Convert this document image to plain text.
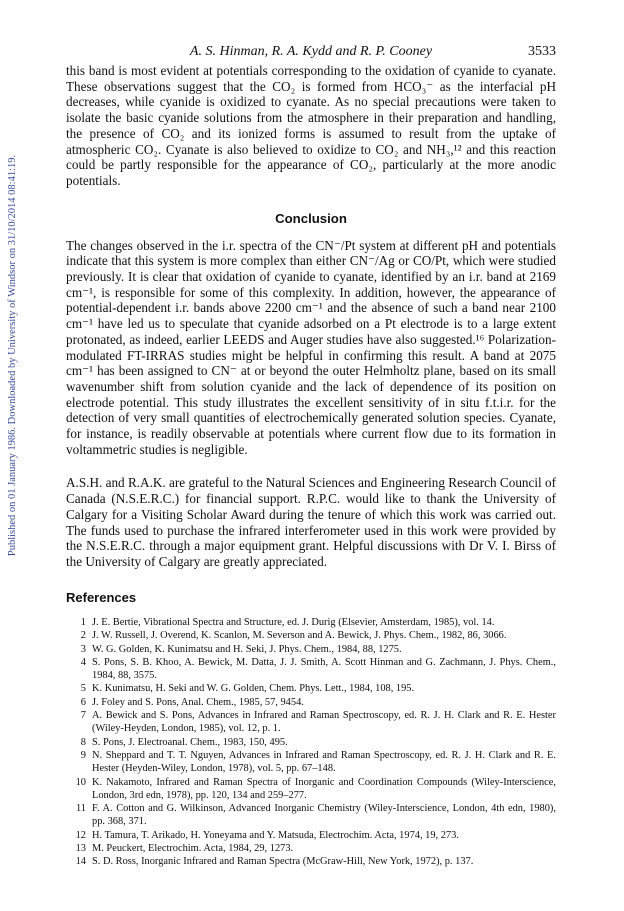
Published on 01 January 1986. Downloaded by University of Windsor on 31/10/2014 08:41:19.
A. S. Hinman, R. A. Kydd and R. P. Cooney	3533

this band is most evident at potentials corresponding to the oxidation of cyanide to cyanate. These observations suggest that the CO₂ is formed from HCO₃⁻ as the interfacial pH decreases, while cyanide is oxidized to cyanate. As no special precautions were taken to isolate the basic cyanide solutions from the atmosphere in their preparation and handling, the presence of CO₂ and its ionized forms is assumed to result from the uptake of atmospheric CO₂. Cyanate is also believed to oxidize to CO₂ and NH₃,¹² and this reaction could be partly responsible for the appearance of CO₂, particularly at the more anodic potentials.

Conclusion

The changes observed in the i.r. spectra of the CN⁻/Pt system at different pH and potentials indicate that this system is more complex than either CN⁻/Ag or CO/Pt, which were studied previously. It is clear that oxidation of cyanide to cyanate, identified by an i.r. band at 2169 cm⁻¹, is responsible for some of this complexity. In addition, however, the appearance of potential-dependent i.r. bands above 2200 cm⁻¹ and the absence of such a band near 2100 cm⁻¹ have led us to speculate that cyanide adsorbed on a Pt electrode is to a large extent protonated, as indeed, earlier LEEDS and Auger studies have also suggested.¹⁶ Polarization-modulated FT-IRRAS studies might be helpful in confirming this result. A band at 2075 cm⁻¹ has been assigned to CN⁻ at or beyond the outer Helmholtz plane, based on its small wavenumber shift from solution cyanide and the lack of dependence of its position on electrode potential. This study illustrates the excellent sensitivity of in situ f.t.i.r. for the detection of very small quantities of electrochemically generated solution species. Cyanate, for instance, is readily observable at potentials where current flow due to its formation in voltammetric studies is negligible.

A.S.H. and R.A.K. are grateful to the Natural Sciences and Engineering Research Council of Canada (N.S.E.R.C.) for financial support. R.P.C. would like to thank the University of Calgary for a Visiting Scholar Award during the tenure of which this work was carried out. The funds used to purchase the infrared interferometer used in this work were provided by the N.S.E.R.C. through a major equipment grant. Helpful discussions with Dr V. I. Birss of the University of Calgary are greatly appreciated.

References
1 J. E. Bertie, Vibrational Spectra and Structure, ed. J. Durig (Elsevier, Amsterdam, 1985), vol. 14.
2 J. W. Russell, J. Overend, K. Scanlon, M. Severson and A. Bewick, J. Phys. Chem., 1982, 86, 3066.
3 W. G. Golden, K. Kunimatsu and H. Seki, J. Phys. Chem., 1984, 88, 1275.
4 S. Pons, S. B. Khoo, A. Bewick, M. Datta, J. J. Smith, A. Scott Hinman and G. Zachmann, J. Phys. Chem., 1984, 88, 3575.
5 K. Kunimatsu, H. Seki and W. G. Golden, Chem. Phys. Lett., 1984, 108, 195.
6 J. Foley and S. Pons, Anal. Chem., 1985, 57, 9454.
7 A. Bewick and S. Pons, Advances in Infrared and Raman Spectroscopy, ed. R. J. H. Clark and R. E. Hester (Wiley-Heyden, London, 1985), vol. 12, p. 1.
8 S. Pons, J. Electroanal. Chem., 1983, 150, 495.
9 N. Sheppard and T. T. Nguyen, Advances in Infrared and Raman Spectroscopy, ed. R. J. H. Clark and R. E. Hester (Heyden-Wiley, London, 1978), vol. 5, pp. 67–148.
10 K. Nakamoto, Infrared and Raman Spectra of Inorganic and Coordination Compounds (Wiley-Interscience, London, 3rd edn, 1978), pp. 120, 134 and 259–277.
11 F. A. Cotton and G. Wilkinson, Advanced Inorganic Chemistry (Wiley-Interscience, London, 4th edn, 1980), pp. 368, 371.
12 H. Tamura, T. Arikado, H. Yoneyama and Y. Matsuda, Electrochim. Acta, 1974, 19, 273.
13 M. Peuckert, Electrochim. Acta, 1984, 29, 1273.
14 S. D. Ross, Inorganic Infrared and Raman Spectra (McGraw-Hill, New York, 1972), p. 137.
